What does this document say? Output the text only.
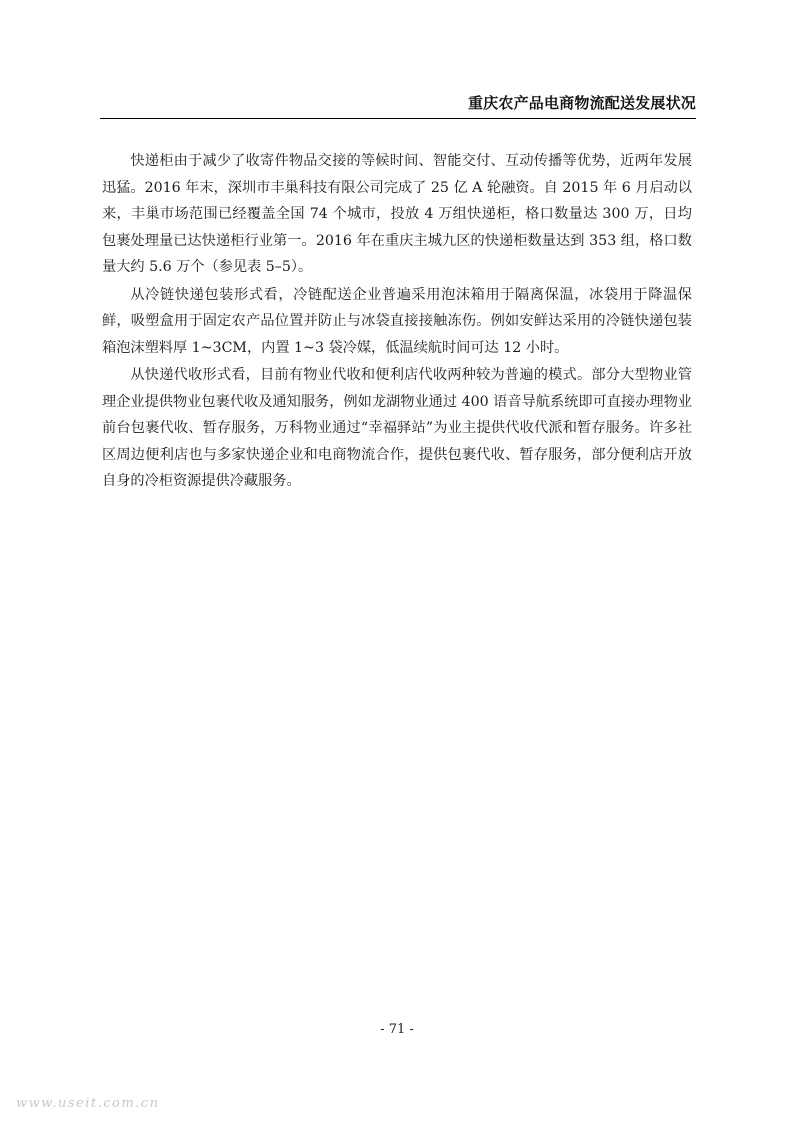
重庆农产品电商物流配送发展状况

快递柜由于减少了收寄件物品交接的等候时间、智能交付、互动传播等优势，近两年发展迅猛。2016 年末，深圳市丰巢科技有限公司完成了 25 亿 A 轮融资。自 2015 年 6 月启动以来，丰巢市场范围已经覆盖全国 74 个城市，投放 4 万组快递柜，格口数量达 300 万，日均包裹处理量已达快递柜行业第一。2016 年在重庆主城九区的快递柜数量达到 353 组，格口数量大约 5.6 万个（参见表 5–5）。

从冷链快递包装形式看，冷链配送企业普遍采用泡沫箱用于隔离保温，冰袋用于降温保鲜，吸塑盒用于固定农产品位置并防止与冰袋直接接触冻伤。例如安鲜达采用的冷链快递包装箱泡沫塑料厚 1~3CM，内置 1~3 袋冷媒，低温续航时间可达 12 小时。

从快递代收形式看，目前有物业代收和便利店代收两种较为普遍的模式。部分大型物业管理企业提供物业包裹代收及通知服务，例如龙湖物业通过 400 语音导航系统即可直接办理物业前台包裹代收、暂存服务，万科物业通过“幸福驿站”为业主提供代收代派和暂存服务。许多社区周边便利店也与多家快递企业和电商物流合作，提供包裹代收、暂存服务，部分便利店开放自身的冷柜资源提供冷藏服务。

- 71 -
www.useit.com.cn
